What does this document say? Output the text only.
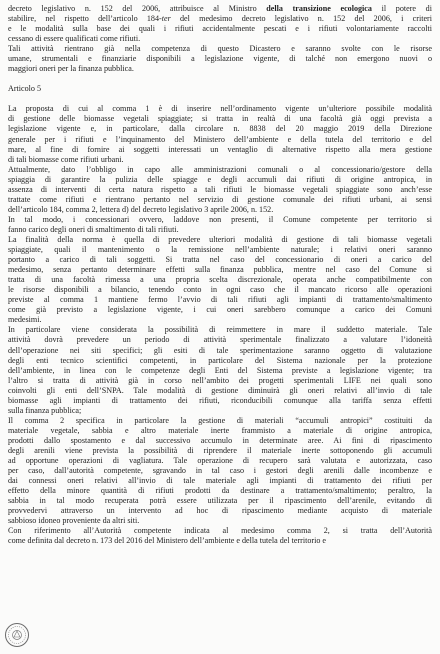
decreto legislativo n. 152 del 2006, attribuisce al Ministro della transizione ecologica il potere di
stabilire, nel rispetto dell’articolo 184-ter del medesimo decreto legislativo n. 152 del 2006, i criteri
e le modalità sulla base dei quali i rifiuti accidentalmente pescati e i rifiuti volontariamente raccolti
cessano di essere qualificati come rifiuti.
Tali attività rientrano già nella competenza di questo Dicastero e saranno svolte con le risorse
umane, strumentali e finanziarie disponibili a legislazione vigente, di talché non emergono nuovi o
maggiori oneri per la finanza pubblica.
Articolo 5
La proposta di cui al comma 1 è di inserire nell’ordinamento vigente un’ulteriore possibile modalità
di gestione delle biomasse vegetali spiaggiate; si tratta in realtà di una facoltà già oggi prevista a
legislazione vigente e, in particolare, dalla circolare n. 8838 del 20 maggio 2019 della Direzione
generale per i rifiuti e l’inquinamento del Ministero dell’ambiente e della tutela del territorio e del
mare, al fine di fornire ai soggetti interessati un ventaglio di alternative rispetto alla mera gestione
di tali biomasse come rifiuti urbani.
Attualmente, dato l’obbligo in capo alle amministrazioni comunali o al concessionario/gestore della
spiaggia di garantire la pulizia delle spiagge e degli accumuli dai rifiuti di origine antropica, in
assenza di interventi di certa natura rispetto a tali rifiuti le biomasse vegetali spiaggiate sono anch’esse
trattate come rifiuti e rientrano pertanto nel servizio di gestione comunale dei rifiuti urbani, ai sensi
dell’articolo 184, comma 2, lettera d) del decreto legislativo 3 aprile 2006, n. 152.
In tal modo, i concessionari ovvero, laddove non presenti, il Comune competente per territorio si
fanno carico degli oneri di smaltimento di tali rifiuti.
La finalità della norma è quella di prevedere ulteriori modalità di gestione di tali biomasse vegetali
spiaggiate, quali il mantenimento o la remissione nell’ambiente naturale; i relativi oneri saranno
portanto a carico di tali soggetti. Si tratta nel caso del concessionario di oneri a carico del
medesimo, senza pertanto determinare effetti sulla finanza pubblica, mentre nel caso del Comune si
tratta di una facoltà rimessa a una propria scelta discrezionale, operata anche compatibilmente con
le risorse disponibili a bilancio, tenendo conto in ogni caso che il mancato ricorso alle operazioni
previste al comma 1 mantiene fermo l’avvio di tali rifiuti agli impianti di trattamento/smaltimento
come già previsto a legislazione vigente, i cui oneri sarebbero comunque a carico dei Comuni
medesimi.
In particolare viene considerata la possibilità di reimmettere in mare il suddetto materiale. Tale
attività dovrà prevedere un periodo di attività sperimentale finalizzato a valutare l’idoneità
dell’operazione nei siti specifici; gli esiti di tale sperimentazione saranno oggetto di valutazione
degli enti tecnico scientifici competenti, in particolare del Sistema nazionale per la protezione
dell’ambiente, in linea con le competenze degli Enti del Sistema previste a legislazione vigente; tra
l’altro si tratta di attività già in corso nell’ambito dei progetti sperimentali LIFE nei quali sono
coinvolti gli enti dell’SNPA. Tale modalità di gestione diminuirà gli oneri relativi all’invio di tale
biomasse agli impianti di trattamento dei rifiuti, riconducibili comunque alla tariffa senza effetti
sulla finanza pubblica;
Il comma 2 specifica in particolare la gestione di materiali “accumuli antropici” costituiti da
materiale vegetale, sabbia e altro materiale inerte frammisto a materiale di origine antropica,
prodotti dallo spostamento e dal successivo accumulo in determinate aree. Ai fini di ripascimento
degli arenili viene prevista la possibilità di riprendere il materiale inerte sottoponendo gli accumuli
ad opportune operazioni di vagliatura. Tale operazione di recupero sarà valutata e autorizzata, caso
per caso, dall’autorità competente, sgravando in tal caso i gestori degli arenili dalle incombenze e
dai connessi oneri relativi all’invio di tale materiale agli impianti di trattamento dei rifiuti per
effetto della minore quantità di rifiuti prodotti da destinare a trattamento/smaltimento; peraltro, la
sabbia in tal modo recuperata potrà essere utilizzata per il ripascimento dell’arenile, evitando di
provvedervi attraverso un intervento ad hoc di ripascimento mediante acquisto di materiale
sabbioso idoneo proveniente da altri siti.
Con riferimento all’Autorità competente indicata al medesimo comma 2, si tratta dell’Autorità
come definita dal decreto n. 173 del 2016 del Ministero dell’ambiente e della tutela del territorio e
